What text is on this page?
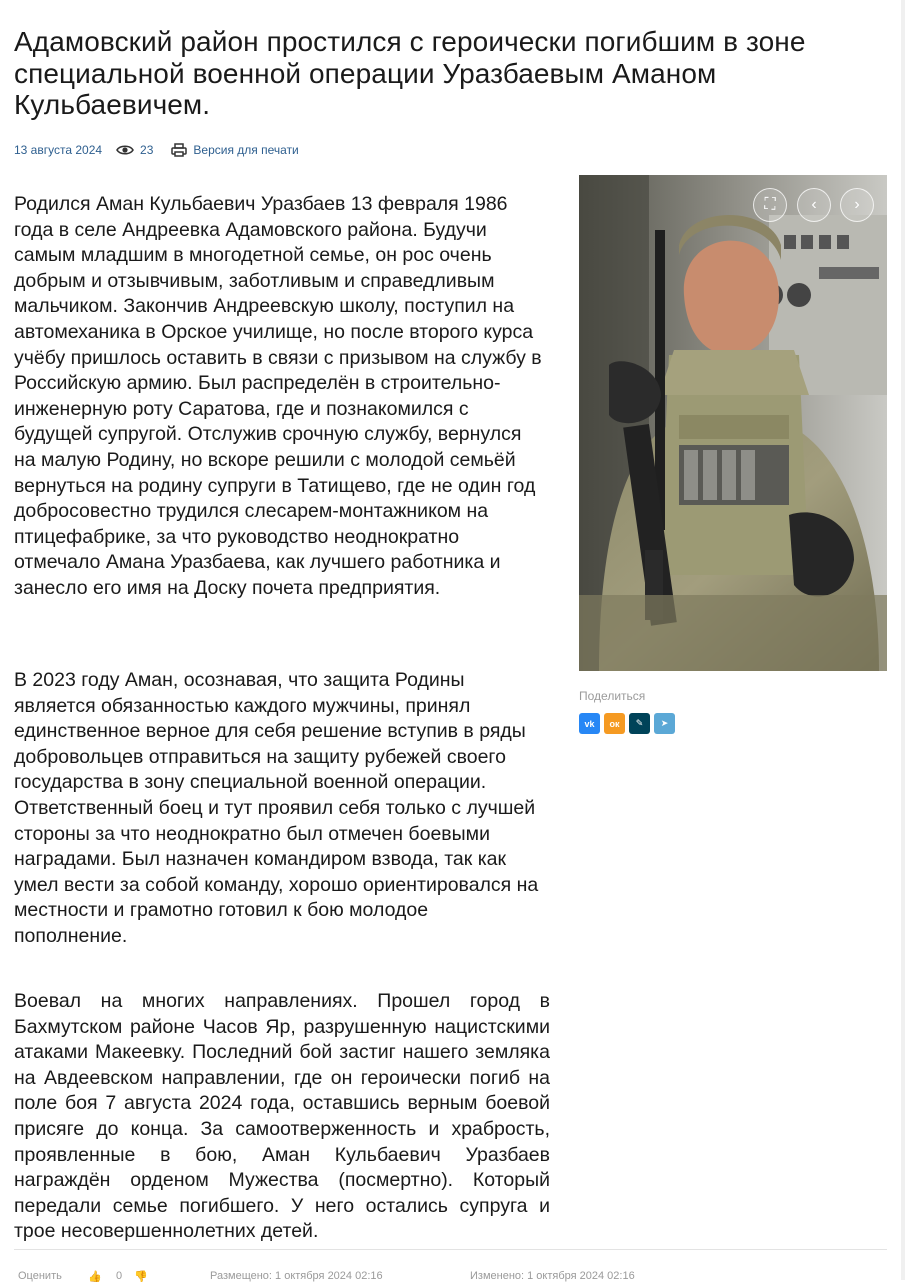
Адамовский район простился с героически погибшим в зоне специальной военной операции Уразбаевым Аманом Кульбаевичем.
13 августа 2024	23	Версия для печати

Родился Аман Кульбаевич Уразбаев 13 февраля 1986 года в селе Андреевка Адамовского района. Будучи самым младшим в многодетной семье, он рос очень добрым и отзывчивым, заботливым и справедливым мальчиком. Закончив Андреевскую школу, поступил на автомеханика в Орское училище, но после второго курса учёбу пришлось оставить в связи с призывом на службу в Российскую армию. Был распределён в строительно-инженерную роту Саратова, где и познакомился с будущей супругой. Отслужив срочную службу, вернулся на малую Родину, но вскоре решили с молодой семьёй вернуться на родину супруги в Татищево, где не один год добросовестно трудился слесарем-монтажником на птицефабрике, за что руководство неоднократно отмечало Амана Уразбаева, как лучшего работника и занесло его имя на Доску почета предприятия.

В 2023 году Аман, осознавая, что защита Родины является обязанностью каждого мужчины, принял единственное верное для себя решение вступив в ряды добровольцев отправиться на защиту рубежей своего государства в зону специальной военной операции. Ответственный боец и тут проявил себя только с лучшей стороны за что неоднократно был отмечен боевыми наградами. Был назначен командиром взвода, так как умел вести за собой команду, хорошо ориентировался на местности и грамотно готовил к бою молодое пополнение.

Воевал на многих направлениях. Прошел город в Бахмутском районе Часов Яр, разрушенную нацистскими атаками Макеевку. Последний бой застиг нашего земляка на Авдеевском направлении, где он героически погиб на поле боя 7 августа 2024 года, оставшись верным боевой присяге до конца. За самоотверженность и храбрость, проявленные в бою, Аман Кульбаевич Уразбаев награждён орденом Мужества (посмертно). Который передали семье погибшего. У него остались супруга и трое несовершеннолетних детей.

⛶	‹	›
Поделиться
vk	ок	✎	➤
Оценить 👍 0 👎	Размещено: 1 октября 2024 02:16	Изменено: 1 октября 2024 02:16
